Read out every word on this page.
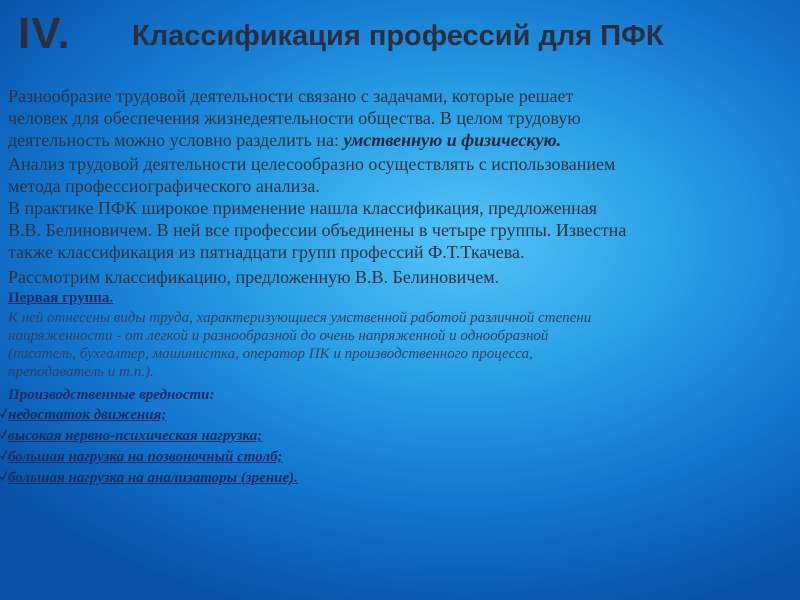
IV. Классификация профессий для ПФК

Разнообразие трудовой деятельности связано с задачами, которые решает

человек для обеспечения жизнедеятельности общества. В целом трудовую

деятельность можно условно разделить на: умственную и физическую.

Анализ трудовой деятельности целесообразно осуществлять с использованием

метода профессиографического анализа.

В практике ПФК широкое применение нашла классификация, предложенная

В.В. Белиновичем. В ней все профессии объединены в четыре группы. Известна

также классификация из пятнадцати групп профессий Ф.Т.Ткачева.

Рассмотрим классификацию, предложенную В.В. Белиновичем.

Первая группа.
К ней отнесены виды труда, характеризующиеся умственной работой различной степени
напряженности - от легкой и разнообразной до очень напряженной и однообразной
(писатель, бухгалтер, машинистка, оператор ПК и производственного процесса,
преподаватель и т.п.).
Производственные вредности:
недостаток движения;
высокая нервно-психическая нагрузка;
большая нагрузка на позвоночный столб;
большая нагрузка на анализаторы (зрение).
